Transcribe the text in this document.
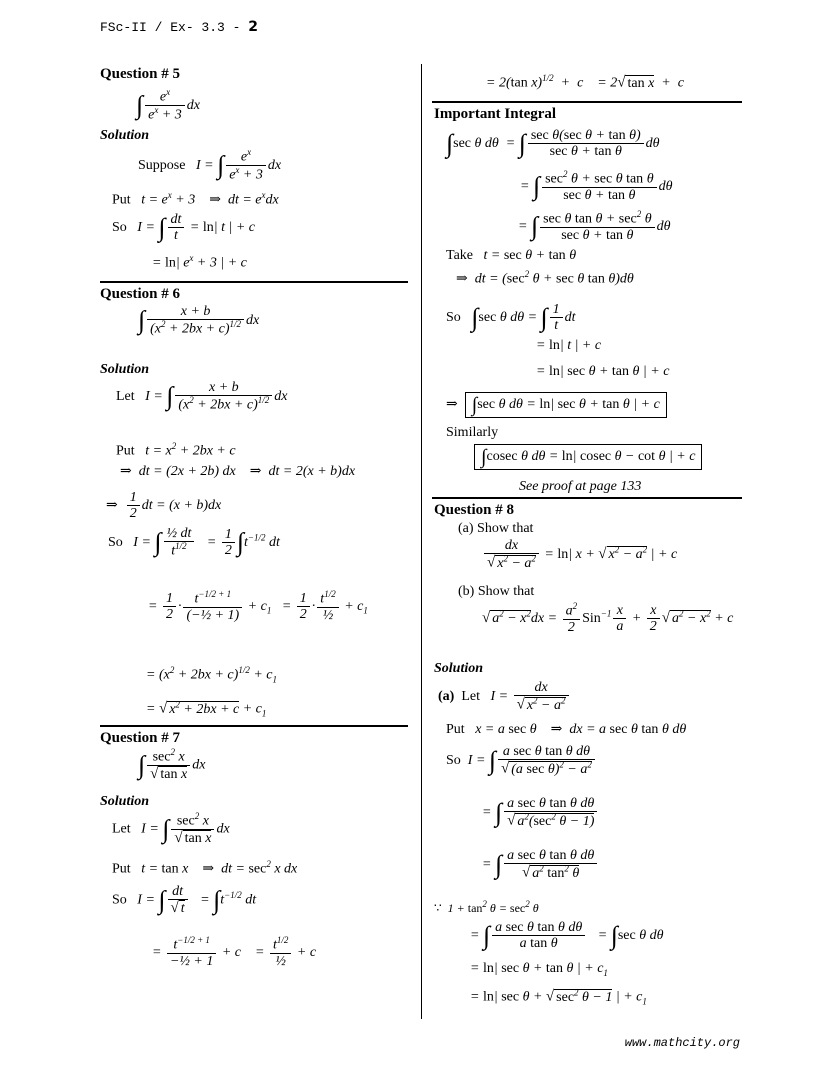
FSc-II / Ex- 3.3 - 2
www.mathcity.org
Question # 5
∫ $\frac{e^x}{e^x + 3}$ dx
Solution
Suppose   I = ∫ $\frac{e^x}{e^x + 3}$ dx
Put   $t = e^x + 3$    ⇒  dt = $e^xdx$
So   I = ∫ $\frac{dt}{t} = \ln|$ t | + c
= ln| $e^x + 3$ | + c
Question # 6
∫ $\frac{x + b}{(x^2 + 2bx + c)^{1/2}}$ dx
Solution
Let   I = ∫ $\frac{x + b}{(x^2 + 2bx + c)^{1/2}}$ dx
Put   $t = x^2 + 2bx + c$
⇒  dt = (2x + 2b) dx    ⇒  dt = 2(x + b)dx
⇒ $\frac{1}{2}$ dt = (x + b)dx
So   I = ∫ $\frac{\text{½ dt}}{t^{1/2}} = \frac{1}{2} \int t^{-1/2}$ dt
= $\frac{1}{2} \cdot \frac{t^{-1/2 + 1}}{\text{(−½ + 1)}} + c_1 = \frac{1}{2} \cdot \frac{t^{1/2}}{\text{½}} + c_1$
= $(x^2 + 2bx + c)^{1/2} + c_1$
= √ $x^2 + 2bx + c + c_1$
Question # 7
∫ $\frac{\sec^2 x}{\text{√ tan x}}$ dx
Solution
Let   I = ∫ $\frac{\sec^2 x}{\text{√ tan x}}$ dx
Put   t = tan x    ⇒  dt = $\sec^2 x$ dx
So   I = ∫ $\frac{dt}{√ t} = \int t^{-1/2}$ dt
= $\frac{t^{-1/2 + 1}}{\text{−½ + 1}} + c$    = $\frac{t^{1/2}}{\text{½}} + c$
= 2(tan x)$^{1/2}$  +  c    = 2√ tan x  +  c
Important Integral
∫sec θ dθ  = ∫ $\frac{\text{sec θ(sec θ + tan θ)}}{\text{sec θ + tan θ}}$ dθ
= ∫ $\frac{\sec^2 \theta + \sec \theta \tan \theta}{\text{sec θ + tan θ}}$ dθ
= ∫ $\frac{\sec \theta \tan \theta + \sec^2 \theta}{\text{sec θ + tan θ}}$ dθ
Take   t = sec θ + tan θ
⇒  dt = ($\sec^2$ θ + sec θ tan θ)dθ
So ∫sec θ dθ = ∫ $\frac{1}{t}$ dt
= ln| t | + c
= ln| sec θ + tan θ | + c
⇒ ∫sec θ dθ = ln| sec θ + tan θ | + c
Similarly
∫cosec θ dθ = ln| cosec θ − cot θ | + c
See proof at page 133
Question # 8
(a) Show that
$\frac{dx}{√ x^2 - a^2} = \ln|$ x + √ $x^2 - a^2$ | + c
(b) Show that
√ $a^2 - x^2dx = \frac{a^2}{2} Sin^{-1} \frac{x}{a} + \frac{x}{2}$ √ $a^2 - x^2 + c$
Solution
(a) Let   $I = \frac{dx}{√ x^2 - a^2}$
Put   x = a sec θ    ⇒  dx = a sec θ tan θ dθ
So  I = ∫ $\frac{\text{a sec θ tan θ dθ}}{√ (a \sec \theta)^2 - a^2}$
= ∫ $\frac{\text{a sec θ tan θ dθ}}{√ a^2(\sec^2 \theta - 1)}$
= ∫ $\frac{\text{a sec θ tan θ dθ}}{√ a^2 \tan^2 \theta}$
∵  $1 + \tan^2 \theta = \sec^2 \theta$
= ∫ $\frac{\text{a sec θ tan θ dθ}}{\text{a tan θ}} = \int\sec$ θ dθ
= ln| sec θ + tan θ | + $c_1$
= ln| sec θ + √ $\sec^2 \theta - 1$ | + $c_1$
